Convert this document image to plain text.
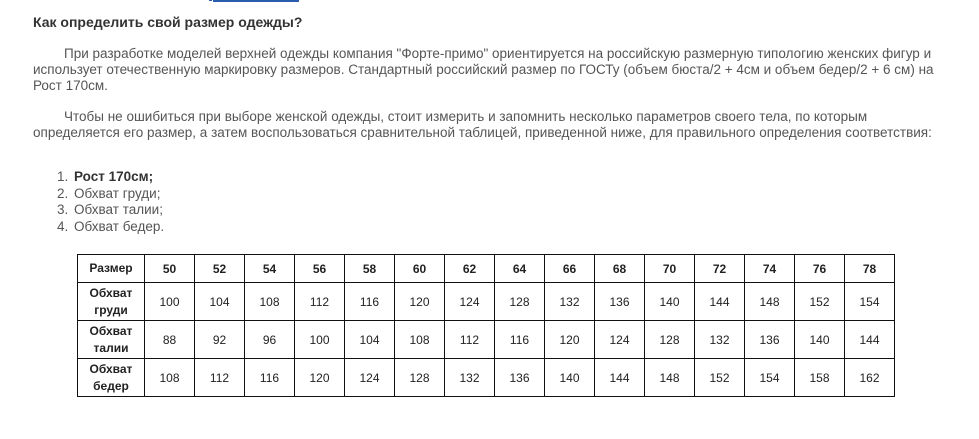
Как определить свой размер одежды?

При разработке моделей верхней одежды компания "Форте-примо" ориентируется на российскую размерную типологию женских фигур и использует отечественную маркировку размеров. Стандартный российский размер по ГОСТу (объем бюста/2 + 4см и объем бедер/2 + 6 см) на Рост 170см.

Чтобы не ошибиться при выборе женской одежды, стоит измерить и запомнить несколько параметров своего тела, по которым определяется его размер, а затем воспользоваться сравнительной таблицей, приведенной ниже, для правильного определения соответствия:

1. Рост 170см;
2. Обхват груди;
3. Обхват талии;
4. Обхват бедер.
Размер	50	52	54	56	58	60	62	64	66	68	70	72	74	76	78

Обхват
груди	100	104	108	112	116	120	124	128	132	136	140	144	148	152	154

Обхват
талии	88	92	96	100	104	108	112	116	120	124	128	132	136	140	144

Обхват
бедер	108	112	116	120	124	128	132	136	140	144	148	152	154	158	162
